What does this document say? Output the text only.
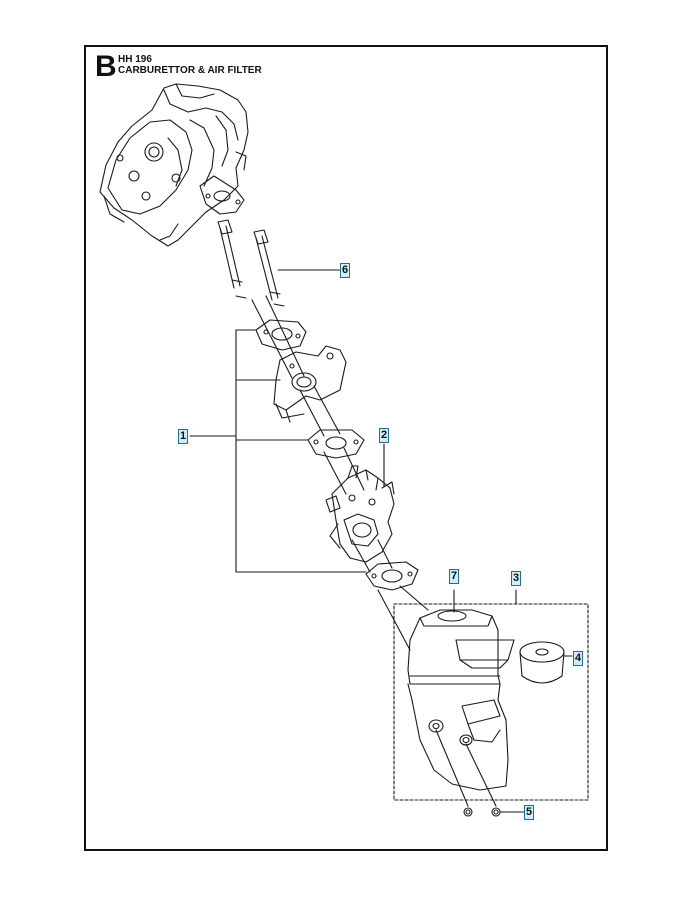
B HH 196
CARBURETTOR & AIR FILTER
6
1	2
7	3
4
5
